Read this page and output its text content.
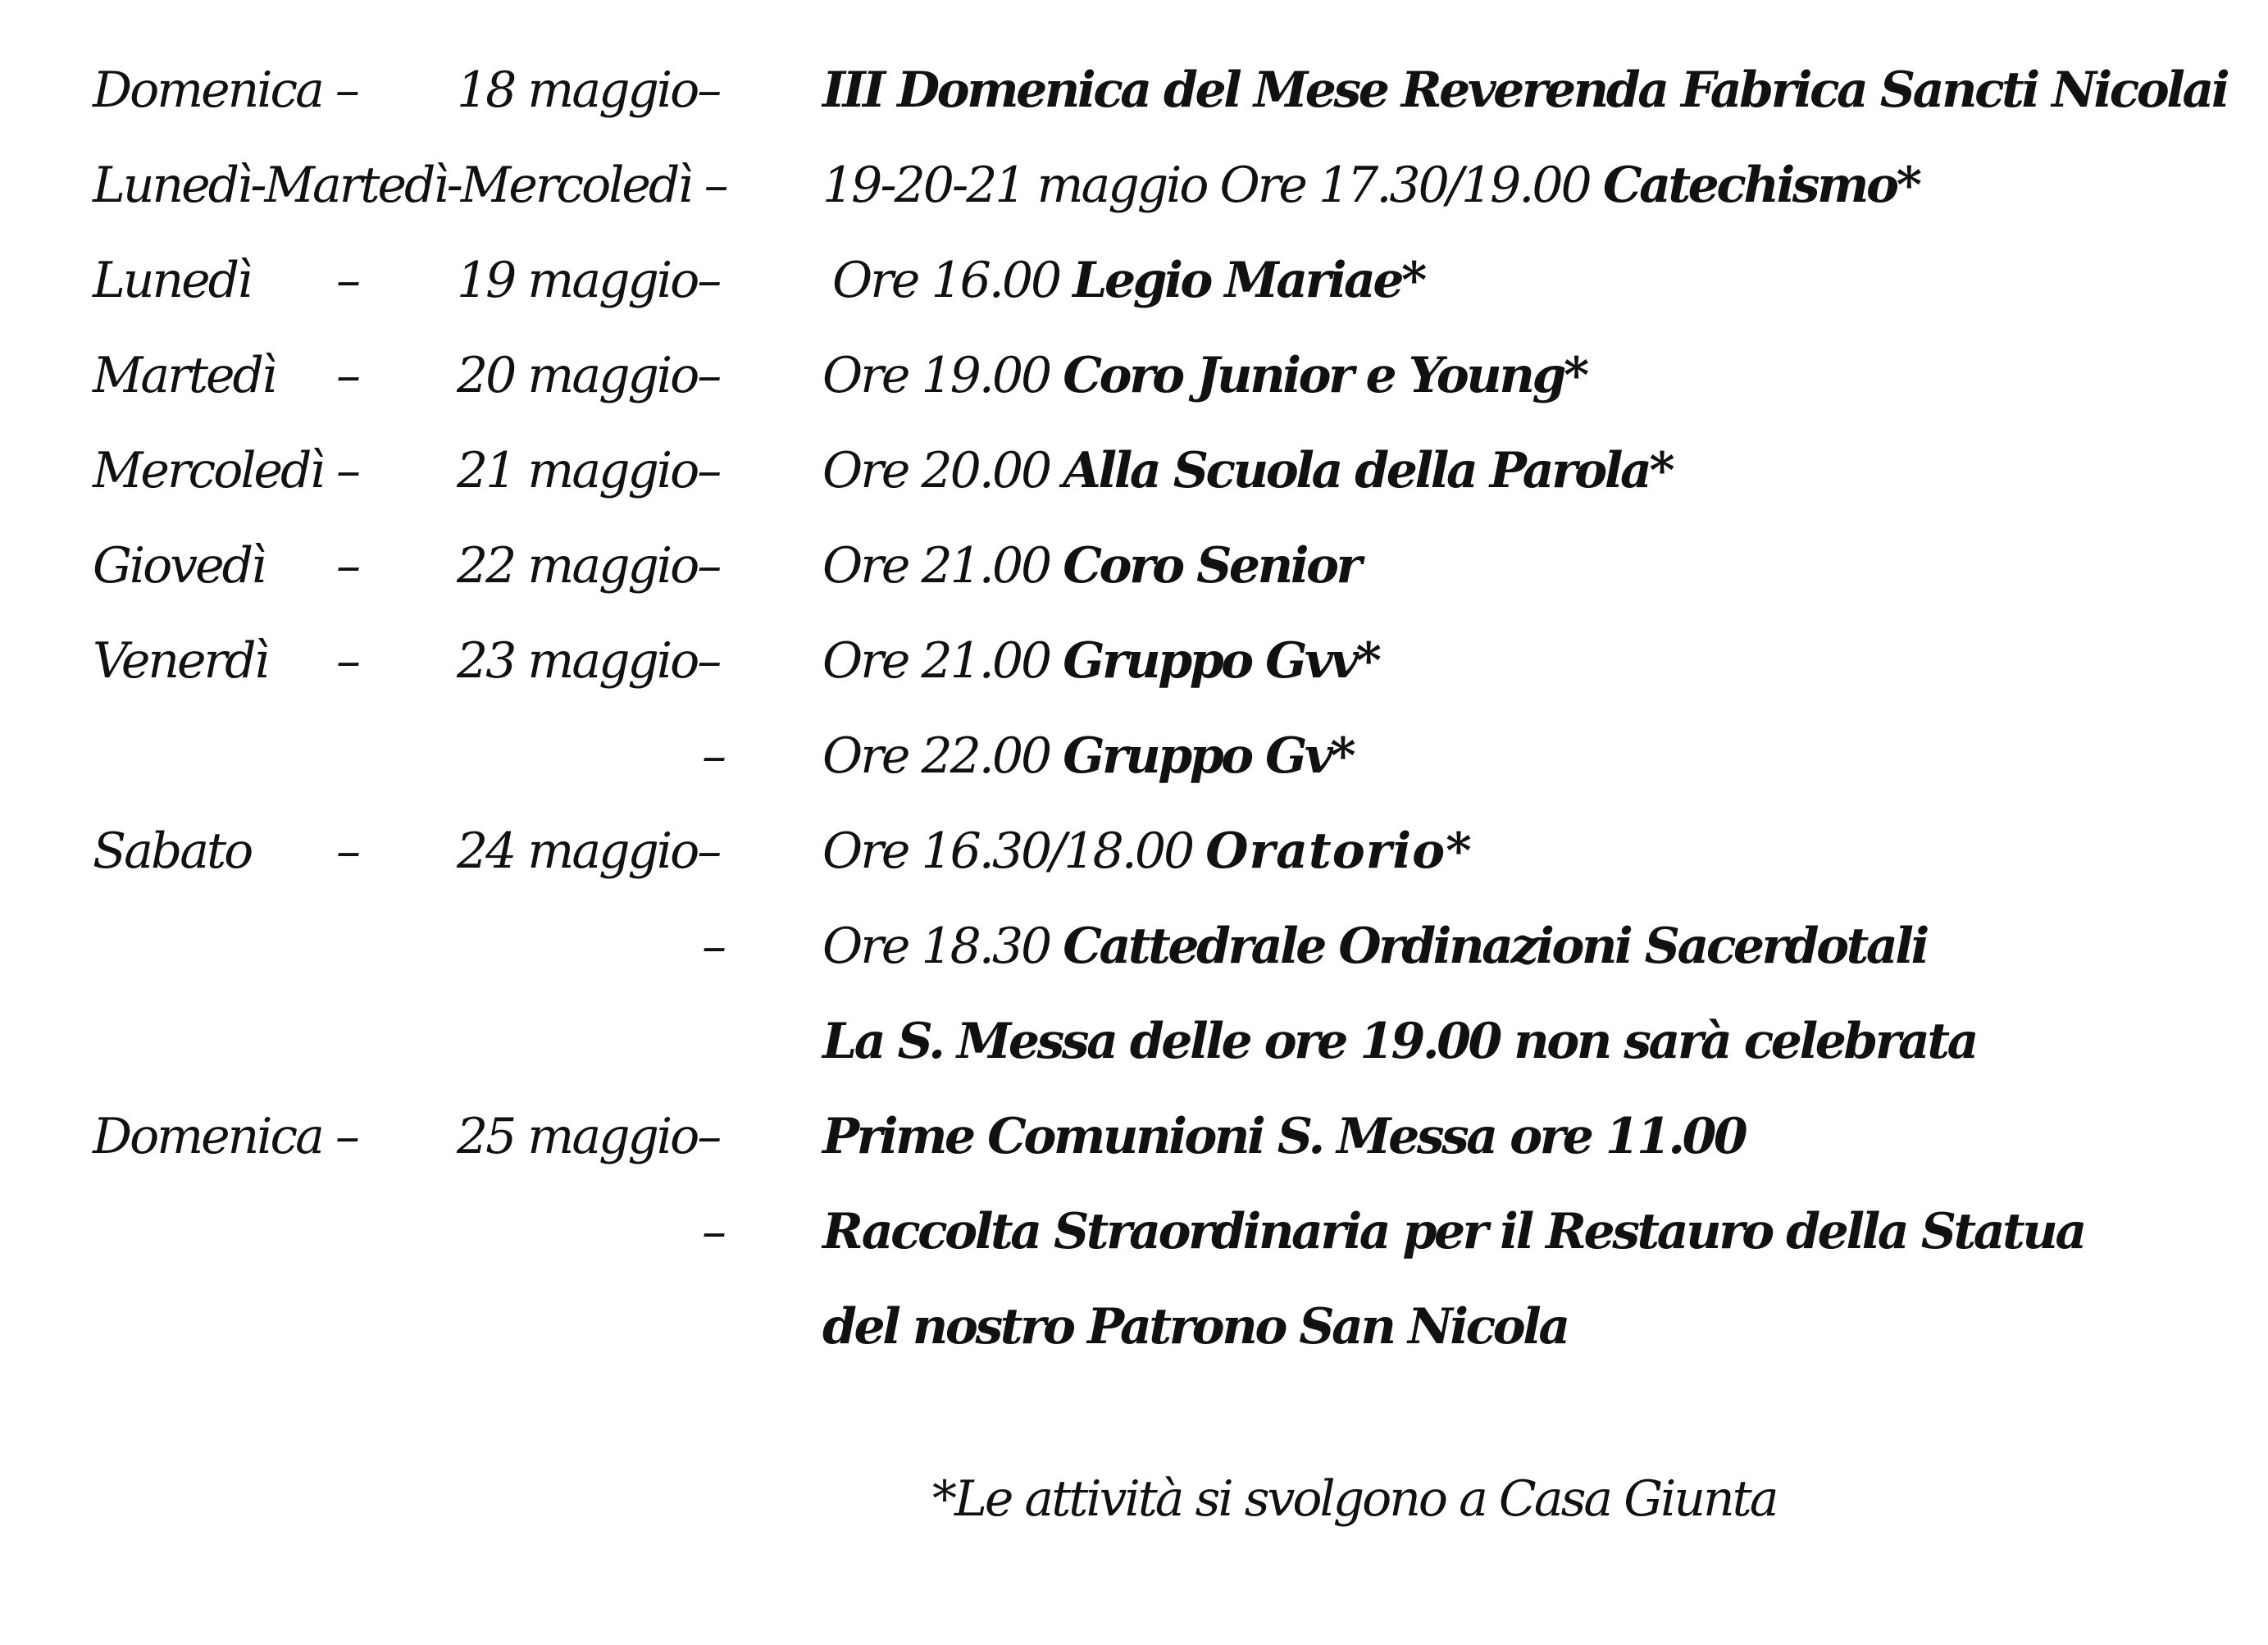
Domenica – 18 maggio– III Domenica del Mese Reverenda Fabrica Sancti Nicolai
Lunedì-Martedì-Mercoledì – 19-20-21 maggio Ore 17.30/19.00 Catechismo*
Lunedì – 19 maggio– Ore 16.00 Legio Mariae*
Martedì – 20 maggio– Ore 19.00 Coro Junior e Young*
Mercoledì – 21 maggio– Ore 20.00 Alla Scuola della Parola*
Giovedì – 22 maggio– Ore 21.00 Coro Senior
Venerdì – 23 maggio– Ore 21.00 Gruppo Gvv*
– Ore 22.00 Gruppo Gv*
Sabato – 24 maggio– Ore 16.30/18.00 Oratorio*
– Ore 18.30 Cattedrale Ordinazioni Sacerdotali
La S. Messa delle ore 19.00 non sarà celebrata
Domenica – 25 maggio– Prime Comunioni S. Messa ore 11.00
– Raccolta Straordinaria per il Restauro della Statua
del nostro Patrono San Nicola
*Le attività si svolgono a Casa Giunta
